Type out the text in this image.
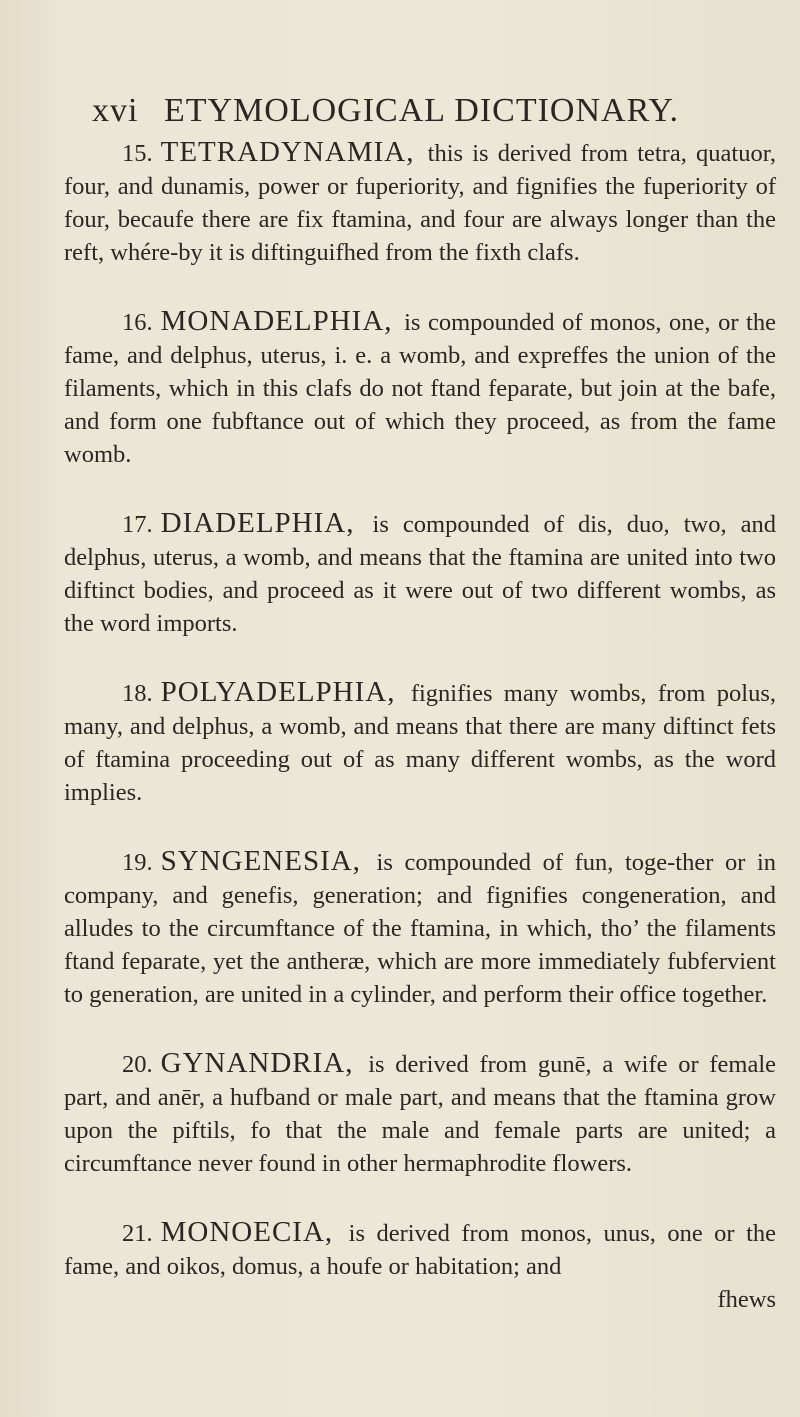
xvi ETYMOLOGICAL DICTIONARY.

15. TETRADYNAMIA, this is derived from tetra, quatuor, four, and dunamis, power or fuperiority, and fignifies the fuperiority of four, becaufe there are fix ftamina, and four are always longer than the reft, whére-by it is diftinguifhed from the fixth clafs.

16. MONADELPHIA, is compounded of monos, one, or the fame, and delphus, uterus, i. e. a womb, and expreffes the union of the filaments, which in this clafs do not ftand feparate, but join at the bafe, and form one fubftance out of which they proceed, as from the fame womb.

17. DIADELPHIA, is compounded of dis, duo, two, and delphus, uterus, a womb, and means that the ftamina are united into two diftinct bodies, and proceed as it were out of two different wombs, as the word imports.

18. POLYADELPHIA, fignifies many wombs, from polus, many, and delphus, a womb, and means that there are many diftinct fets of ftamina proceeding out of as many different wombs, as the word implies.

19. SYNGENESIA, is compounded of fun, toge-ther or in company, and genefis, generation; and fignifies congeneration, and alludes to the circumftance of the ftamina, in which, tho’ the filaments ftand feparate, yet the antheræ, which are more immediately fubfervient to generation, are united in a cylinder, and perform their office together.

20. GYNANDRIA, is derived from gunē, a wife or female part, and anēr, a hufband or male part, and means that the ftamina grow upon the piftils, fo that the male and female parts are united; a circumftance never found in other hermaphrodite flowers.

21. MONOECIA, is derived from monos, unus, one or the fame, and oikos, domus, a houfe or habitation; and

fhews
